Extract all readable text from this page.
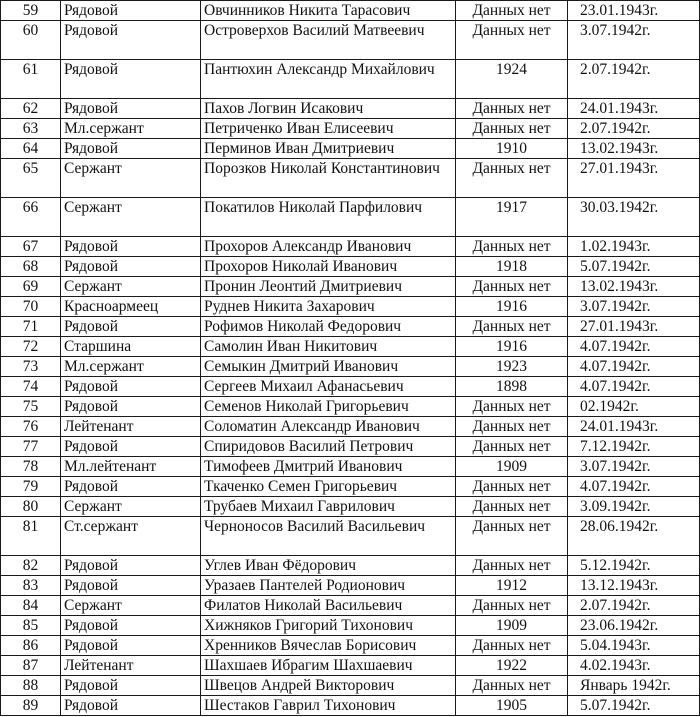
59	Рядовой	Овчинников Никита Тарасович	Данных нет	23.01.1943г.
60	Рядовой	Островерхов Василий Матвеевич	Данных нет	3.07.1942г.
61	Рядовой	Пантюхин Александр Михайлович	1924	2.07.1942г.
62	Рядовой	Пахов Логвин Исакович	Данных нет	24.01.1943г.
63	Мл.сержант	Петриченко Иван Елисеевич	Данных нет	2.07.1942г.
64	Рядовой	Перминов Иван Дмитриевич	1910	13.02.1943г.
65	Сержант	Порозков Николай Константинович	Данных нет	27.01.1943г.
66	Сержант	Покатилов Николай Парфилович	1917	30.03.1942г.
67	Рядовой	Прохоров Александр Иванович	Данных нет	1.02.1943г.
68	Рядовой	Прохоров Николай Иванович	1918	5.07.1942г.
69	Сержант	Пронин Леонтий Дмитриевич	Данных нет	13.02.1943г.
70	Красноармеец	Руднев Никита Захарович	1916	3.07.1942г.
71	Рядовой	Рофимов Николай Федорович	Данных нет	27.01.1943г.
72	Старшина	Самолин Иван Никитович	1916	4.07.1942г.
73	Мл.сержант	Семыкин Дмитрий Иванович	1923	4.07.1942г.
74	Рядовой	Сергеев Михаил Афанасьевич	1898	4.07.1942г.
75	Рядовой	Семенов Николай Григорьевич	Данных нет	02.1942г.
76	Лейтенант	Соломатин Александр Иванович	Данных нет	24.01.1943г.
77	Рядовой	Спиридовов Василий Петрович	Данных нет	7.12.1942г.
78	Мл.лейтенант	Тимофеев Дмитрий Иванович	1909	3.07.1942г.
79	Рядовой	Ткаченко Семен Григорьевич	Данных нет	4.07.1942г.
80	Сержант	Трубаев Михаил Гаврилович	Данных нет	3.09.1942г.
81	Ст.сержант	Черноносов Василий Васильевич	Данных нет	28.06.1942г.
82	Рядовой	Углев Иван Фёдорович	Данных нет	5.12.1942г.
83	Рядовой	Уразаев Пантелей Родионович	1912	13.12.1943г.
84	Сержант	Филатов Николай Васильевич	Данных нет	2.07.1942г.
85	Рядовой	Хижняков Григорий Тихонович	1909	23.06.1942г.
86	Рядовой	Хренников Вячеслав Борисович	Данных нет	5.04.1943г.
87	Лейтенант	Шахшаев Ибрагим Шахшаевич	1922	4.02.1943г.
88	Рядовой	Швецов Андрей Викторович	Данных нет	Январь 1942г.
89	Рядовой	Шестаков Гаврил Тихонович	1905	5.07.1942г.
